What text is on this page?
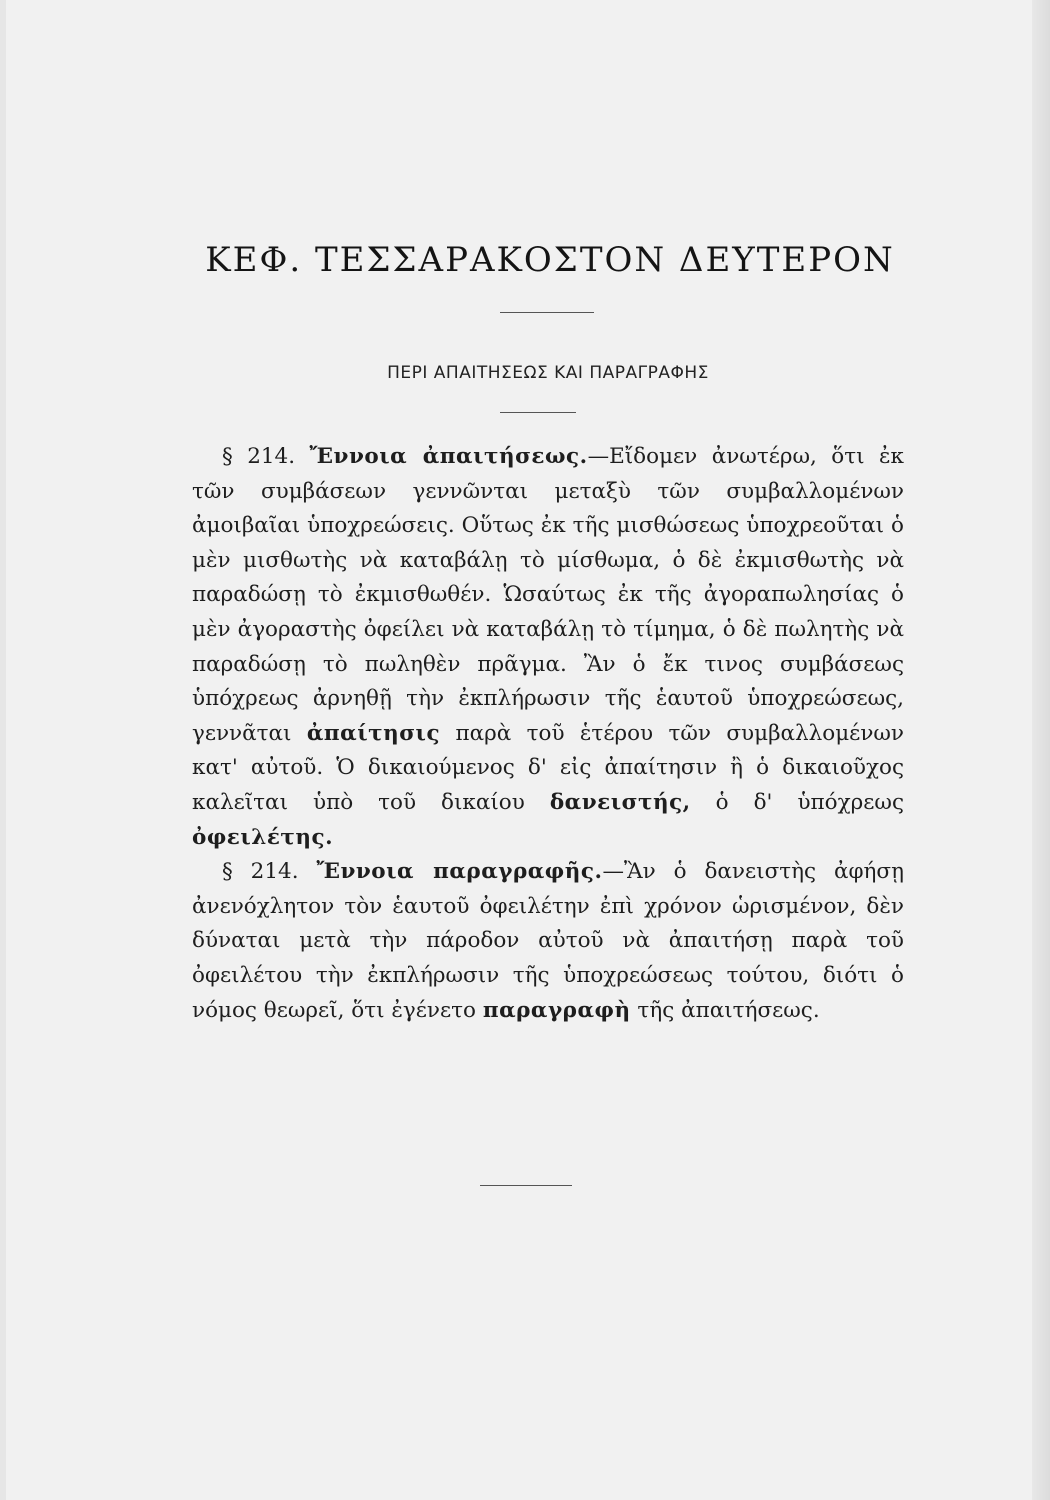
ΚΕΦ. ΤΕΣΣΑΡΑΚΟΣΤΟΝ ΔΕΥΤΕΡΟΝ
ΠΕΡΙ ΑΠΑΙΤΗΣΕΩΣ ΚΑΙ ΠΑΡΑΓΡΑΦΗΣ

§ 214. Ἔννοια ἀπαιτήσεως.—Εἴδομεν ἀνωτέρω, ὅτι ἐκ τῶν συμβάσεων γεννῶνται μεταξὺ τῶν συμβαλλομένων ἀμοιβαῖαι ὑποχρεώσεις. Οὕτως ἐκ τῆς μισθώσεως ὑποχρεοῦται ὁ μὲν μισθωτὴς νὰ καταβάλῃ τὸ μίσθωμα, ὁ δὲ ἐκμισθωτὴς νὰ παραδώσῃ τὸ ἐκμισθωθέν. Ὡσαύτως ἐκ τῆς ἀγοραπωλησίας ὁ μὲν ἀγοραστὴς ὀφείλει νὰ καταβάλῃ τὸ τίμημα, ὁ δὲ πωλητὴς νὰ παραδώσῃ τὸ πωληθὲν πρᾶγμα. Ἂν ὁ ἔκ τινος συμβάσεως ὑπόχρεως ἀρνηθῇ τὴν ἐκπλήρωσιν τῆς ἑαυτοῦ ὑποχρεώσεως, γεννᾶται ἀπαίτησις παρὰ τοῦ ἑτέρου τῶν συμβαλλομένων κατ' αὐτοῦ. Ὁ δικαιούμενος δ' εἰς ἀπαίτησιν ἢ ὁ δικαιοῦχος καλεῖται ὑπὸ τοῦ δικαίου δανειστής, ὁ δ' ὑπόχρεως ὀφειλέτης.

§ 214. Ἔννοια παραγραφῆς.—Ἂν ὁ δανειστὴς ἀφήσῃ ἀνενόχλητον τὸν ἑαυτοῦ ὀφειλέτην ἐπὶ χρόνον ὡρισμένον, δὲν δύναται μετὰ τὴν πάροδον αὐτοῦ νὰ ἀπαιτήσῃ παρὰ τοῦ ὀφειλέτου τὴν ἐκπλήρωσιν τῆς ὑποχρεώσεως τούτου, διότι ὁ νόμος θεωρεῖ, ὅτι ἐγένετο παραγραφὴ τῆς ἀπαιτήσεως.
